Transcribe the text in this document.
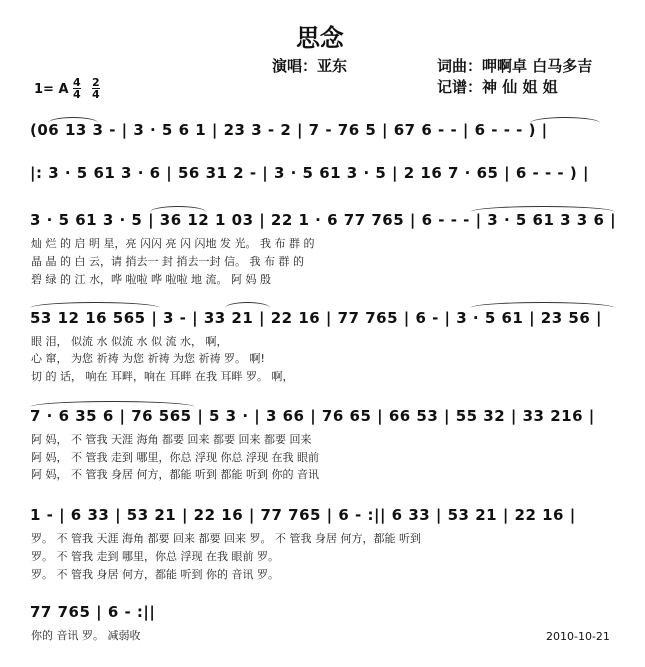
思念
演唱：亚东	词曲：呷啊卓 白马多吉
记谱：神 仙 姐 姐
1= A 4
4
2
4
(06 13 3 - | 3 · 5 6 1 | 23 3 - 2 | 7 - 76 5 | 67 6 - - | 6 - - - ) |
|: 3 · 5 61 3 · 6 | 56 31 2 - | 3 · 5 61 3 · 5 | 2 16 7 · 65 | 6 - - - ) |
3 · 5 61 3 · 5 | 36 12 1 03 | 22 1 · 6 77 765 | 6 - - - | 3 · 5 61 3 3 6 |
灿 烂 的 启 明 星，亮 闪闪 亮 闪 闪地 发 光。 我 布 群 的
晶 晶 的 白 云，请 捎去一 封 捎去一封 信。 我 布 群 的
碧 绿 的 江 水，哗 啦啦 哗 啦啦 地 流。 阿 妈 殷
53 12 16 565 | 3 - | 33 21 | 22 16 | 77 765 | 6 - | 3 · 5 61 | 23 56 |
眼 泪， 似流 水 似流 水 似 流 水， 啊，
心 窜， 为您 祈祷 为您 祈祷 为您 祈祷 罗。 啊!
切 的 话， 响在 耳畔，响在 耳畔 在我 耳畔 罗。 啊，
7 · 6 35 6 | 76 565 | 5 3 · | 3 66 | 76 65 | 66 53 | 55 32 | 33 216 |
阿 妈， 不 管我 天涯 海角 都要 回来 都要 回来 都要 回来
阿 妈， 不 管我 走到 哪里，你总 浮现 你总 浮现 在我 眼前
阿 妈， 不 管我 身居 何方，都能 听到 都能 听到 你的 音讯
1 - | 6 33 | 53 21 | 22 16 | 77 765 | 6 - :|| 6 33 | 53 21 | 22 16 |
罗。 不 管我 天涯 海角 都要 回来 都要 回来 罗。 不 管我 身居 何方，都能 听到
罗。 不 管我 走到 哪里，你总 浮现 在我 眼前 罗。
罗。 不 管我 身居 何方，都能 听到 你的 音讯 罗。
77 765 | 6 - :||
你的 音讯 罗。 减弱收	2010-10-21
